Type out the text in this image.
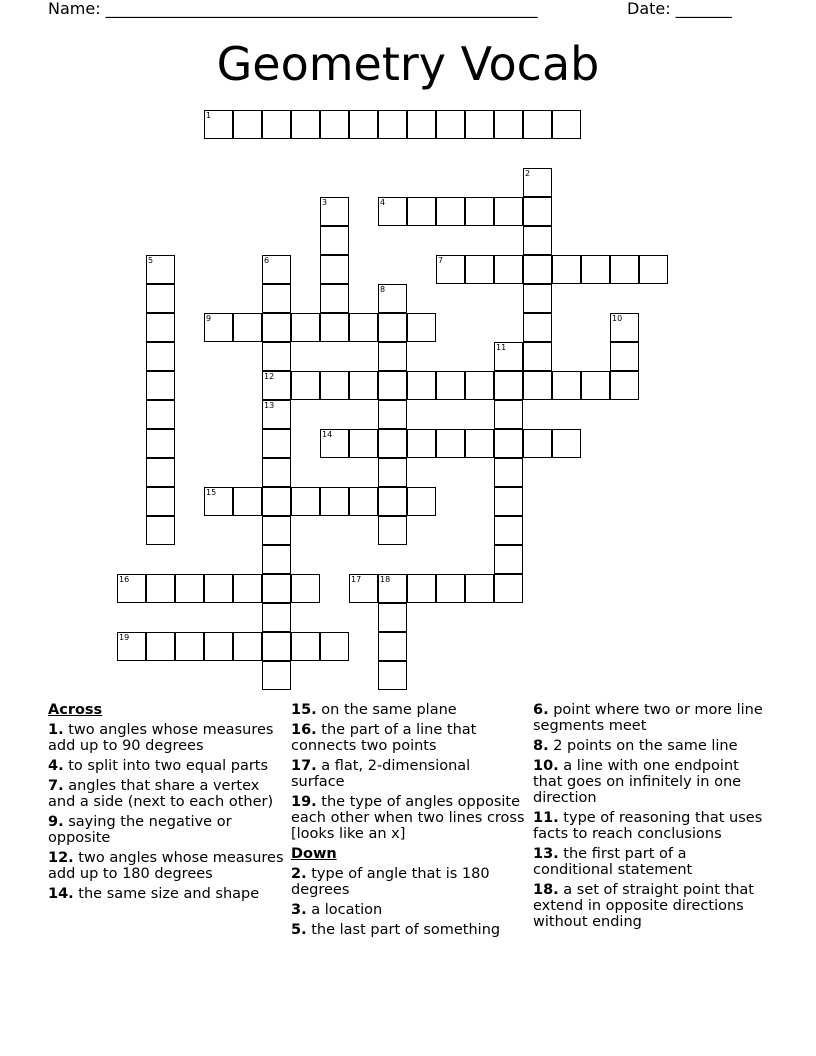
Name: ______________________________________________________	Date: _______
Geometry Vocab
1
2
3	4
5	6	7
8
9	10
11
12
13
14
15
16	17 18
19
Across
1. two angles whose measures add up to 90 degrees
4. to split into two equal parts
7. angles that share a vertex and a side (next to each other)
9. saying the negative or opposite
12. two angles whose measures add up to 180 degrees
14. the same size and shape
15. on the same plane
16. the part of a line that connects two points
17. a flat, 2-dimensional surface
19. the type of angles opposite each other when two lines cross [looks like an x]
Down
2. type of angle that is 180 degrees
3. a location
5. the last part of something
6. point where two or more line segments meet
8. 2 points on the same line
10. a line with one endpoint that goes on infinitely in one direction
11. type of reasoning that uses facts to reach conclusions
13. the first part of a conditional statement
18. a set of straight point that extend in opposite directions without ending
